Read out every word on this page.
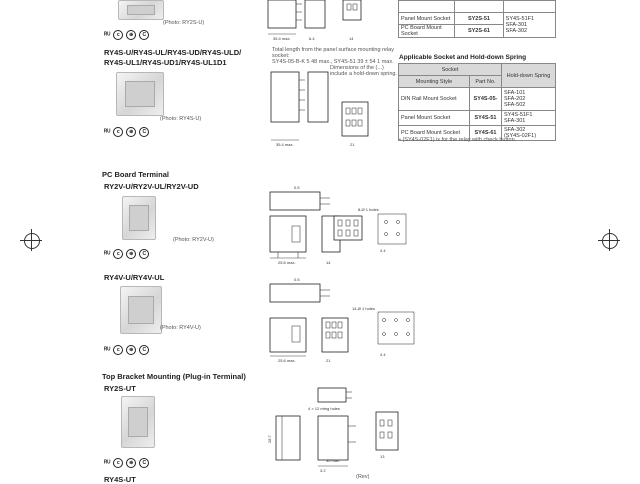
(Photo: RY2S-U)
ᴿᵁ	c	⊕	C
35.4 max.	6.4	14

Panel Mount Socket	SY2S-51	SY4S-51F1
SFA-301
SFA-302
PC Board Mount Socket	SY2S-61	
RY4S-U/RY4S-UL/RY4S-UD/RY4S-ULD/
RY4S-UL1/RY4S-UD1/RY4S-UL1D1
(Photo: RY4S-U)
ᴿᵁ	c	⊕	C
Total length from the panel surface mounting relay socket:
SY4S-05-B-K 5 48 max., SY4S-51 39 ± 54 1 max.
Dimensions of the (...)
include a hold-down spring.
35.4 max.	21
Applicable Socket and Hold-down Spring
Socket		Hold-down Spring
Mounting Style	Part No.	
DIN Rail Mount Socket	SY4S-05-	SFA-101
SFA-202
SFA-502
Panel Mount Socket	SY4S-51	SY4S-51F1
SFA-301
PC Board Mount Socket	SY4S-61	SFA-302
(SY4S-02F1)
• (SY4S-02F1) is for the relay with check button.
PC Board Terminal
RY2V-U/RY2V-UL/RY2V-UD
(Photo: RY2V-U)
ᴿᵁ	c	⊕	C
0.5
8-Ø 1 holes
25.6 max.	14
4.4
RY4V-U/RY4V-UL
(Photo: RY4V-U)
ᴿᵁ	c	⊕	C
0.5
14-Ø 1 holes
25.6 max.	21
4.4
Top Bracket Mounting (Plug-in Terminal)
RY2S-UT
ᴿᵁ	c	⊕	C
4 × 12 mtng holes
28.7
3.2
13
30 max.
RY4S-UT	(Rev)
